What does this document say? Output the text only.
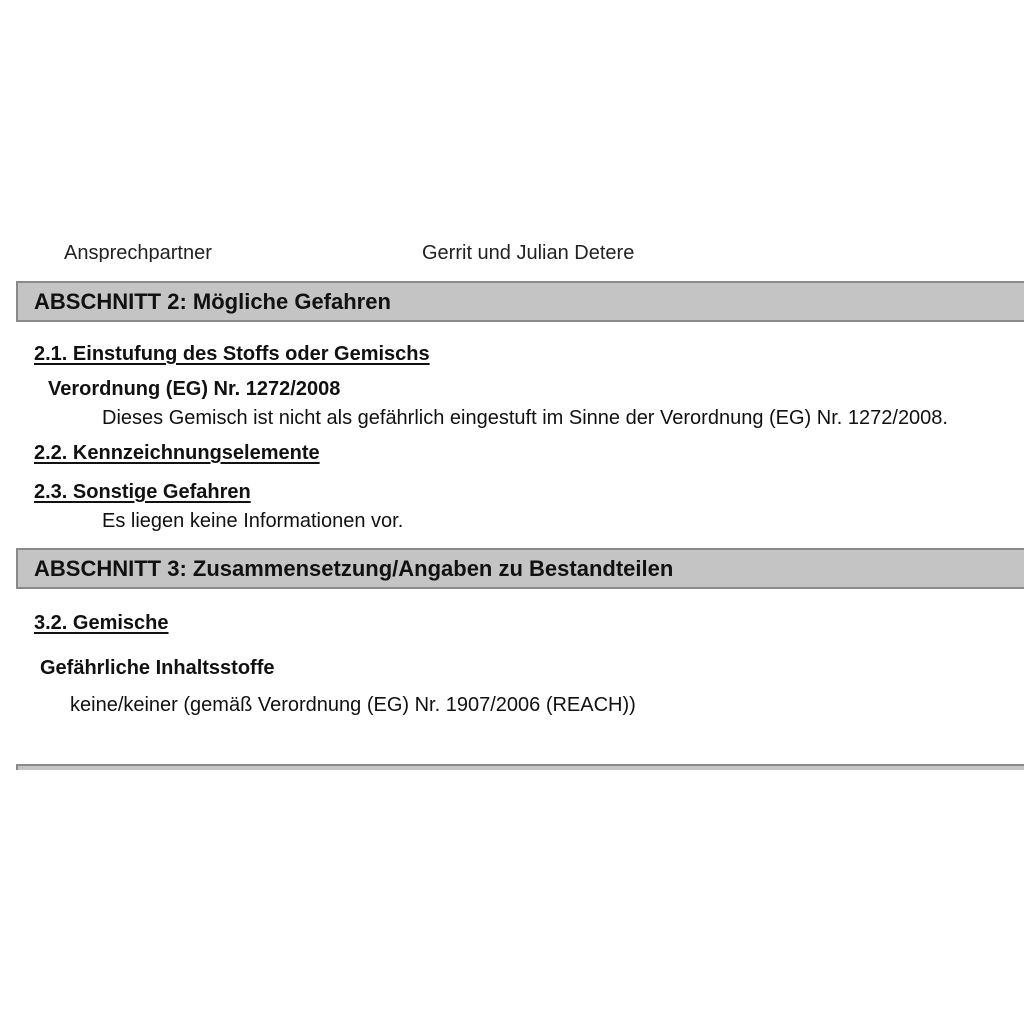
Ansprechpartner	Gerrit und Julian Detere
ABSCHNITT 2: Mögliche Gefahren
2.1. Einstufung des Stoffs oder Gemischs
Verordnung (EG) Nr. 1272/2008
Dieses Gemisch ist nicht als gefährlich eingestuft im Sinne der Verordnung (EG) Nr. 1272/2008.
2.2. Kennzeichnungselemente
2.3. Sonstige Gefahren
Es liegen keine Informationen vor.
ABSCHNITT 3: Zusammensetzung/Angaben zu Bestandteilen
3.2. Gemische
Gefährliche Inhaltsstoffe
keine/keiner (gemäß Verordnung (EG) Nr. 1907/2006 (REACH))
